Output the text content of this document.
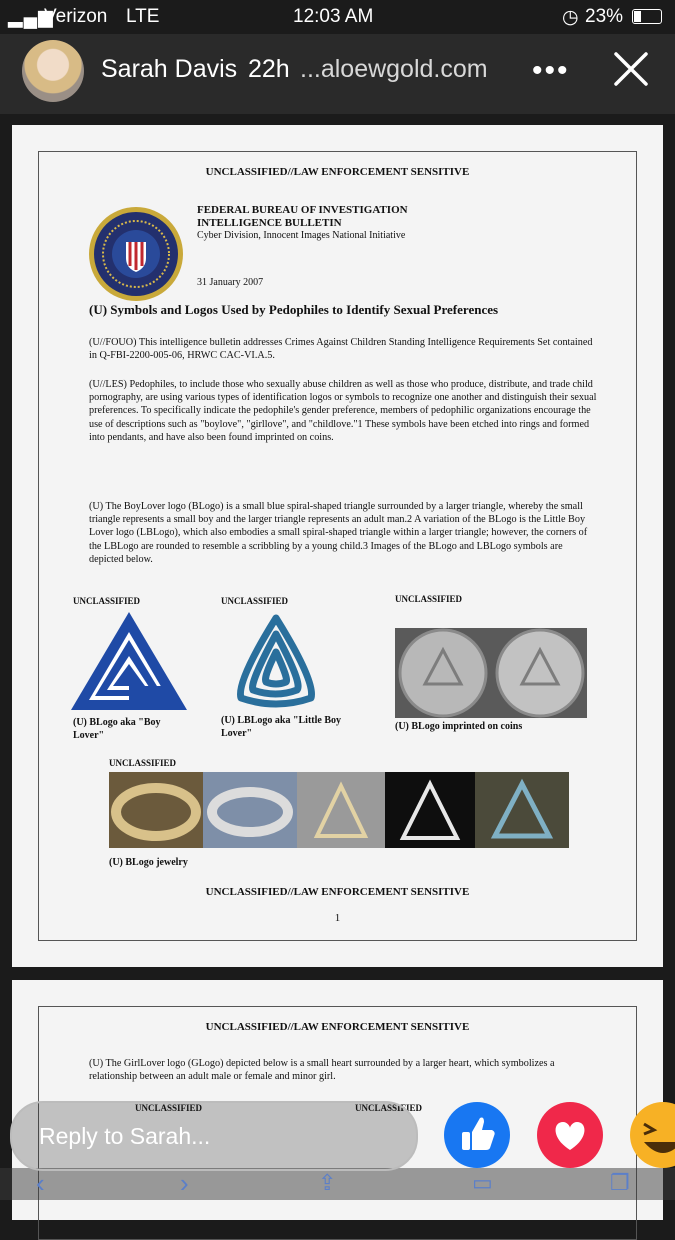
▂▄▆
Verizon LTE	12:03 AM	◷ 23%
Sarah Davis 22h ...aloewgold.com •••
UNCLASSIFIED//LAW ENFORCEMENT SENSITIVE
FEDERAL BUREAU OF INVESTIGATION
INTELLIGENCE BULLETIN
Cyber Division, Innocent Images National Initiative
31 January 2007
(U) Symbols and Logos Used by Pedophiles to Identify Sexual Preferences
(U//FOUO) This intelligence bulletin addresses Crimes Against Children Standing Intelligence Requirements Set contained in Q-FBI-2200-005-06, HRWC CAC-VI.A.5.
(U//LES) Pedophiles, to include those who sexually abuse children as well as those who produce, distribute, and trade child pornography, are using various types of identification logos or symbols to recognize one another and distinguish their sexual preferences. To specifically indicate the pedophile's gender preference, members of pedophilic organizations encourage the use of descriptions such as "boylove", "girllove", and "childlove."1 These symbols have been etched into rings and formed into pendants, and have also been found imprinted on coins.
(U) The BoyLover logo (BLogo) is a small blue spiral-shaped triangle surrounded by a larger triangle, whereby the small triangle represents a small boy and the larger triangle represents an adult man.2 A variation of the BLogo is the Little Boy Lover logo (LBLogo), which also embodies a small spiral-shaped triangle within a larger triangle; however, the corners of the LBLogo are rounded to resemble a scribbling by a young child.3 Images of the BLogo and LBLogo symbols are depicted below.
UNCLASSIFIED	UNCLASSIFIED	UNCLASSIFIED
(U) BLogo aka "Boy Lover"
(U) LBLogo aka "Little Boy Lover"
(U) BLogo imprinted on coins
UNCLASSIFIED
(U) BLogo jewelry
UNCLASSIFIED//LAW ENFORCEMENT SENSITIVE
1
UNCLASSIFIED//LAW ENFORCEMENT SENSITIVE
(U) The GirlLover logo (GLogo) depicted below is a small heart surrounded by a larger heart, which symbolizes a relationship between an adult male or female and minor girl.
UNCLASSIFIED	UNCLASSIFIED
‹	›	⇪	▭	❐
Reply to Sarah...
